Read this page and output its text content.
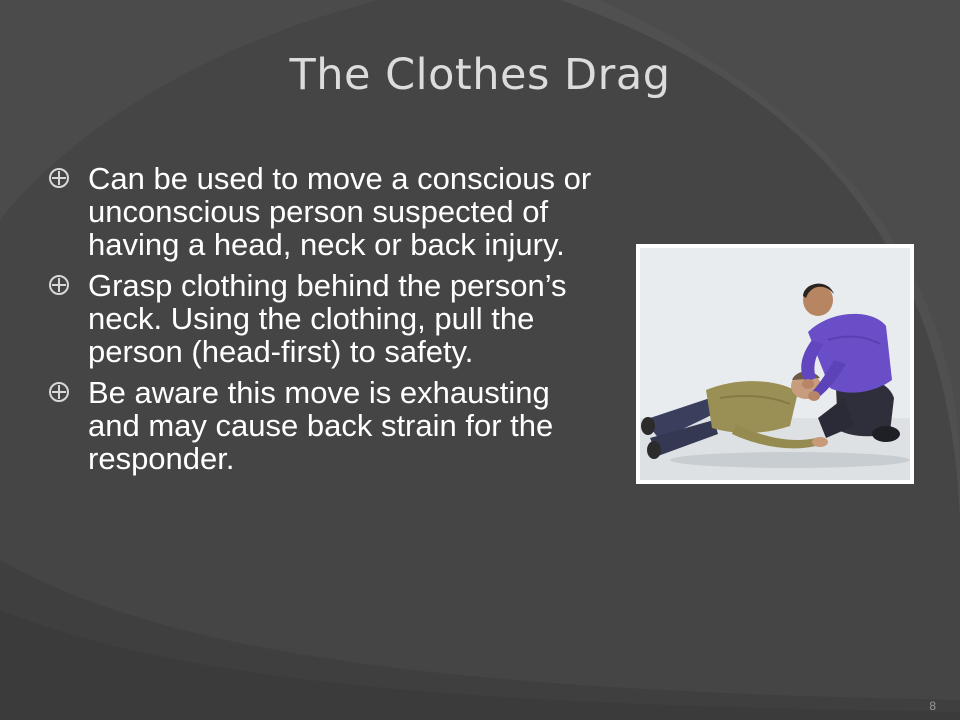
The Clothes Drag
Can be used to move a conscious or unconscious person suspected of having a head, neck or back injury.
Grasp clothing behind the person’s neck. Using the clothing, pull the person (head-first) to safety.
Be aware this move is exhausting and may cause back strain for the responder.
8
